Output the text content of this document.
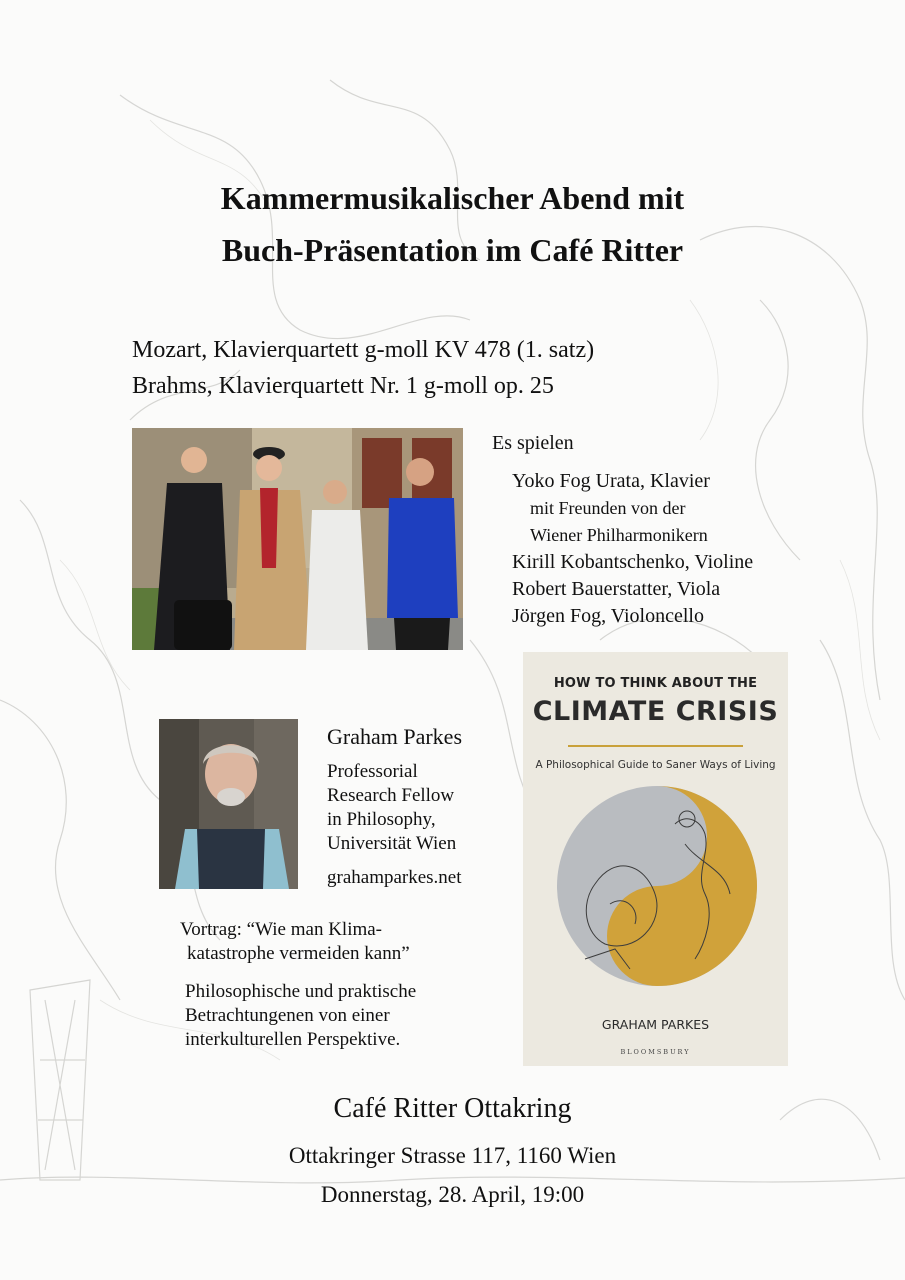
Kammermusikalischer Abend mit
Buch-Präsentation im Café Ritter
Mozart, Klavierquartett g-moll KV 478 (1. satz)
Brahms, Klavierquartett Nr. 1 g-moll op. 25
Es spielen
Yoko Fog Urata, Klavier
mit Freunden von der
Wiener Philharmonikern
Kirill Kobantschenko, Violine
Robert Bauerstatter, Viola
Jörgen Fog, Violoncello
Graham Parkes
Professorial
Research Fellow
in Philosophy,
Universität Wien
grahamparkes.net
Vortrag: “Wie man Klima-
katastrophe vermeiden kann”
Philosophische und praktische
Betrachtungenen von einer
interkulturellen Perspektive.
HOW TO THINK ABOUT THE
CLIMATE CRISIS
A Philosophical Guide to Saner Ways of Living
GRAHAM PARKES
BLOOMSBURY
Café Ritter Ottakring
Ottakringer Strasse 117, 1160 Wien
Donnerstag, 28. April, 19:00
